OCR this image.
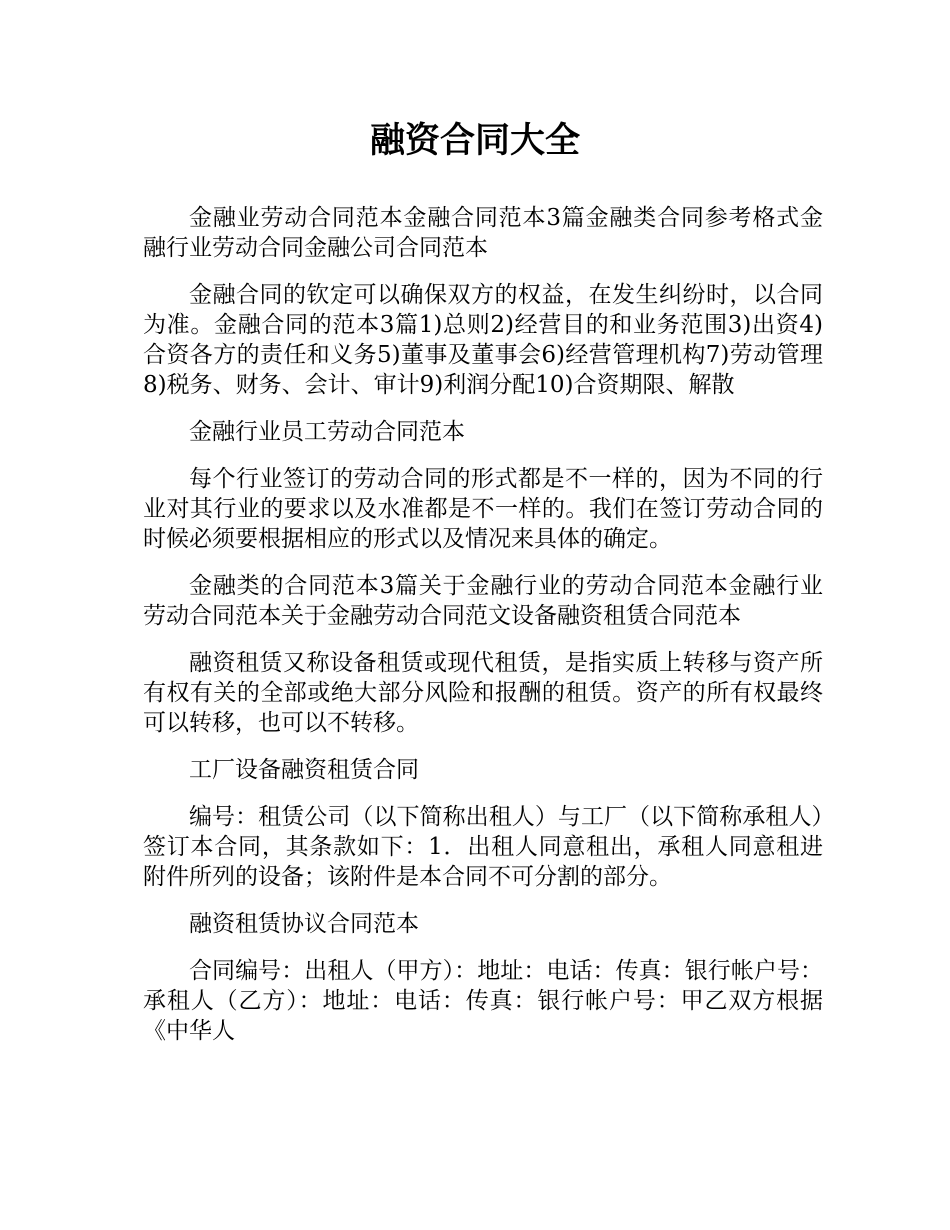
融资合同大全

金融业劳动合同范本金融合同范本3篇金融类合同参考格式金融行业劳动合同金融公司合同范本

金融合同的钦定可以确保双方的权益，在发生纠纷时，以合同为准。金融合同的范本3篇1)总则2)经营目的和业务范围3)出资4)合资各方的责任和义务5)董事及董事会6)经营管理机构7)劳动管理8)税务、财务、会计、审计9)利润分配10)合资期限、解散

金融行业员工劳动合同范本

每个行业签订的劳动合同的形式都是不一样的，因为不同的行业对其行业的要求以及水准都是不一样的。我们在签订劳动合同的时候必须要根据相应的形式以及情况来具体的确定。

金融类的合同范本3篇关于金融行业的劳动合同范本金融行业劳动合同范本关于金融劳动合同范文设备融资租赁合同范本

融资租赁又称设备租赁或现代租赁，是指实质上转移与资产所有权有关的全部或绝大部分风险和报酬的租赁。资产的所有权最终可以转移，也可以不转移。

工厂设备融资租赁合同

编号：租赁公司（以下简称出租人）与工厂（以下简称承租人）签订本合同，其条款如下：1．出租人同意租出，承租人同意租进附件所列的设备；该附件是本合同不可分割的部分。

融资租赁协议合同范本

合同编号：出租人（甲方）：地址：电话：传真：银行帐户号：承租人（乙方）：地址：电话：传真：银行帐户号：甲乙双方根据《中华人
